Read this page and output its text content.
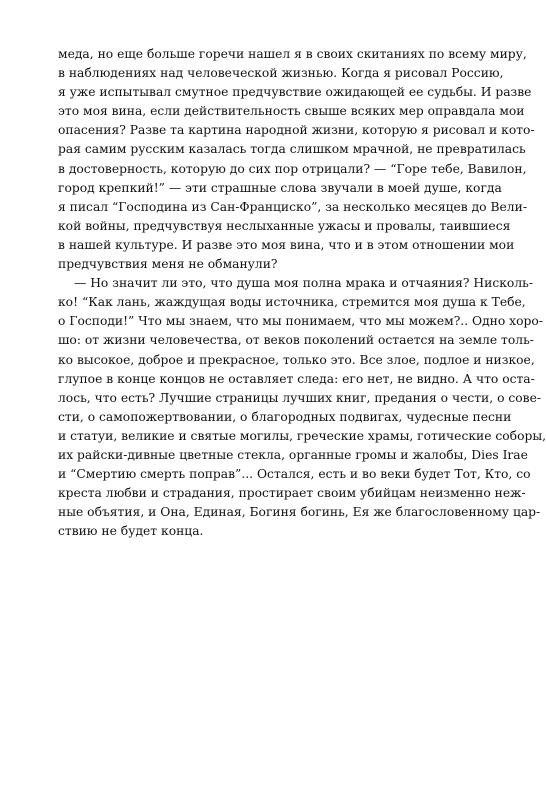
меда, но еще больше горечи нашел я в своих скитаниях по всему миру,
в наблюдениях над человеческой жизнью. Когда я рисовал Россию,
я уже испытывал смутное предчувствие ожидающей ее судьбы. И разве
это моя вина, если действительность свыше всяких мер оправдала мои
опасения? Разве та картина народной жизни, которую я рисовал и кото-
рая самим русским казалась тогда слишком мрачной, не превратилась
в достоверность, которую до сих пор отрицали? — “Горе тебе, Вавилон,
город крепкий!” — эти страшные слова звучали в моей душе, когда
я писал “Господина из Сан-Франциско”, за несколько месяцев до Вели-
кой войны, предчувствуя неслыханные ужасы и провалы, таившиеся
в нашей культуре. И разве это моя вина, что и в этом отношении мои
предчувствия меня не обманули?
— Но значит ли это, что душа моя полна мрака и отчаяния? Нисколь-
ко! “Как лань, жаждущая воды источника, стремится моя душа к Тебе,
о Господи!” Что мы знаем, что мы понимаем, что мы можем?.. Одно хоро-
шо: от жизни человечества, от веков поколений остается на земле толь-
ко высокое, доброе и прекрасное, только это. Все злое, подлое и низкое,
глупое в конце концов не оставляет следа: его нет, не видно. А что оста-
лось, что есть? Лучшие страницы лучших книг, предания о чести, о сове-
сти, о самопожертвовании, о благородных подвигах, чудесные песни
и статуи, великие и святые могилы, греческие храмы, готические соборы,
их райски-дивные цветные стекла, органные громы и жалобы, Dies Irae
и “Смертию смерть поправ”... Остался, есть и во веки будет Тот, Кто, со
креста любви и страдания, простирает своим убийцам неизменно неж-
ные объятия, и Она, Единая, Богиня богинь, Ея же благословенному цар-
ствию не будет конца.
